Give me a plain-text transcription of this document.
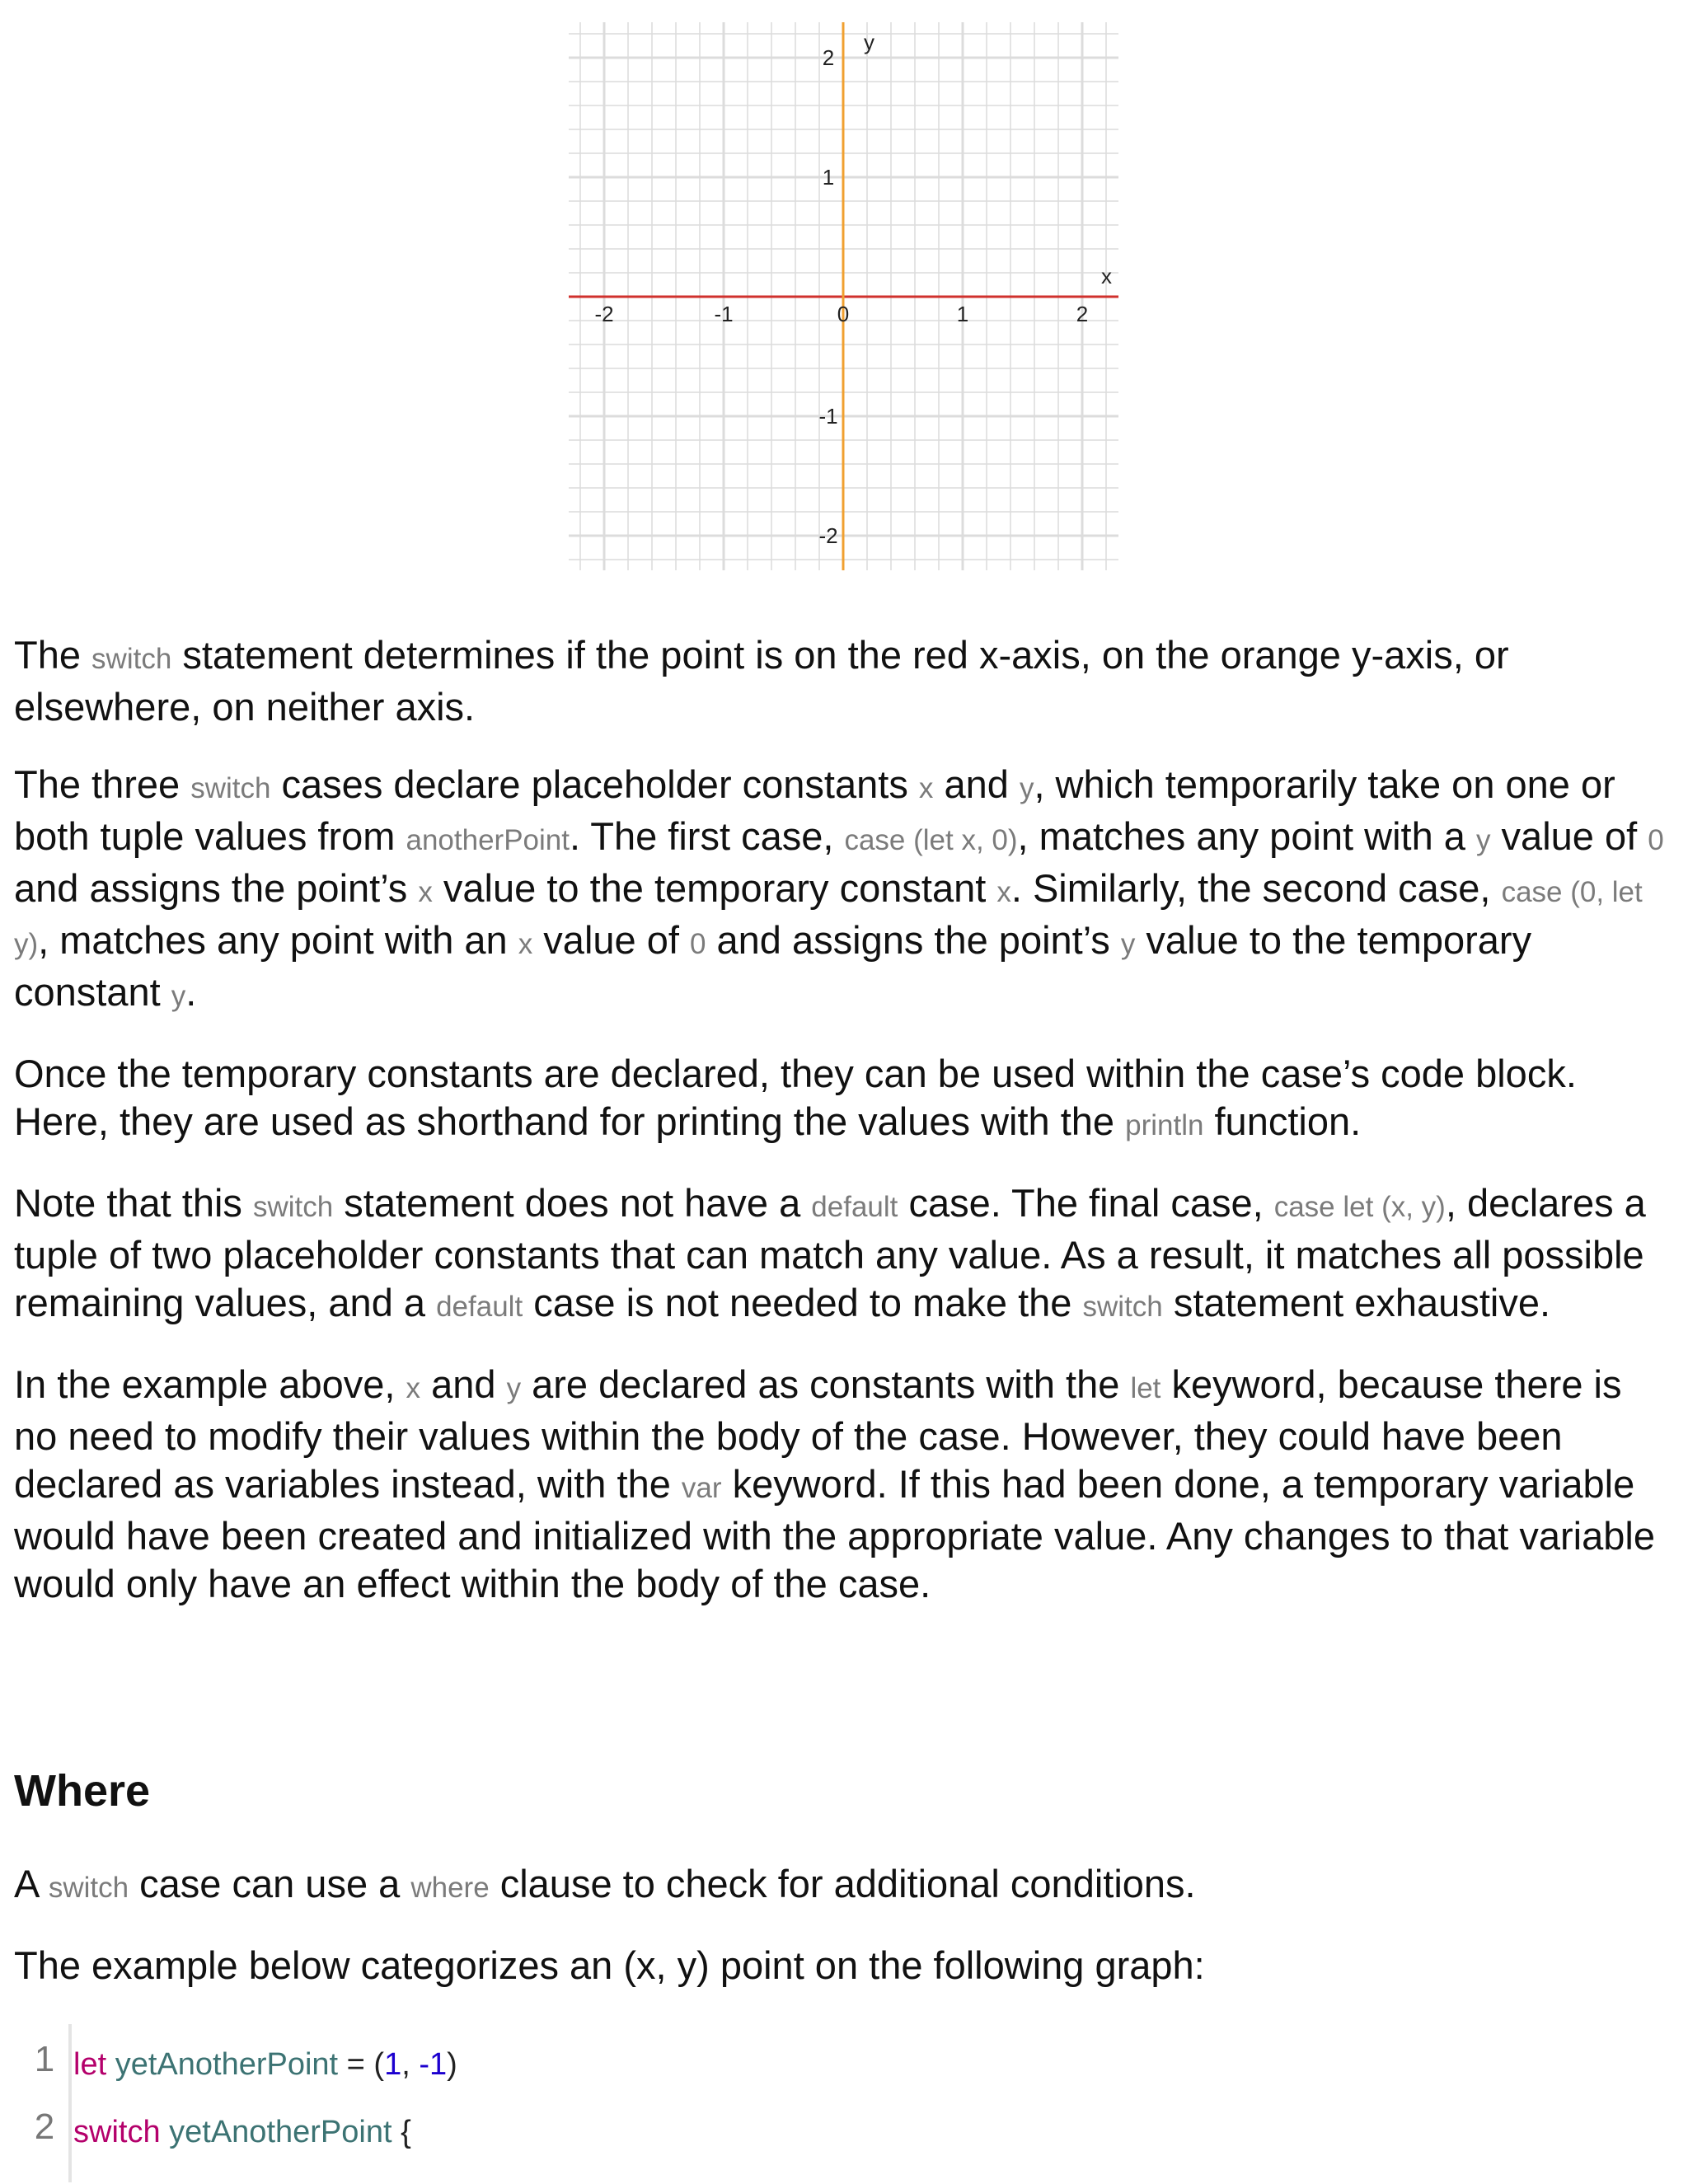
-2	-1	0	1	2
2
1
-1
-2
x
y

The switch statement determines if the point is on the red x-axis, on the orange y-axis, or elsewhere, on neither axis.

The three switch cases declare placeholder constants x and y, which temporarily take on one or both tuple values from anotherPoint. The first case, case (let x, 0), matches any point with a y value of 0 and assigns the point’s x value to the temporary constant x. Similarly, the second case, case (0, let y), matches any point with an x value of 0 and assigns the point’s y value to the temporary constant y.

Once the temporary constants are declared, they can be used within the case’s code block. Here, they are used as shorthand for printing the values with the println function.

Note that this switch statement does not have a default case. The final case, case let (x, y), declares a tuple of two placeholder constants that can match any value. As a result, it matches all possible remaining values, and a default case is not needed to make the switch statement exhaustive.

In the example above, x and y are declared as constants with the let keyword, because there is no need to modify their values within the body of the case. However, they could have been declared as variables instead, with the var keyword. If this had been done, a temporary variable would have been created and initialized with the appropriate value. Any changes to that variable would only have an effect within the body of the case.

Where

A switch case can use a where clause to check for additional conditions.

The example below categorizes an (x, y) point on the following graph:

1 let yetAnotherPoint = (1, -1)
2 switch yetAnotherPoint {
